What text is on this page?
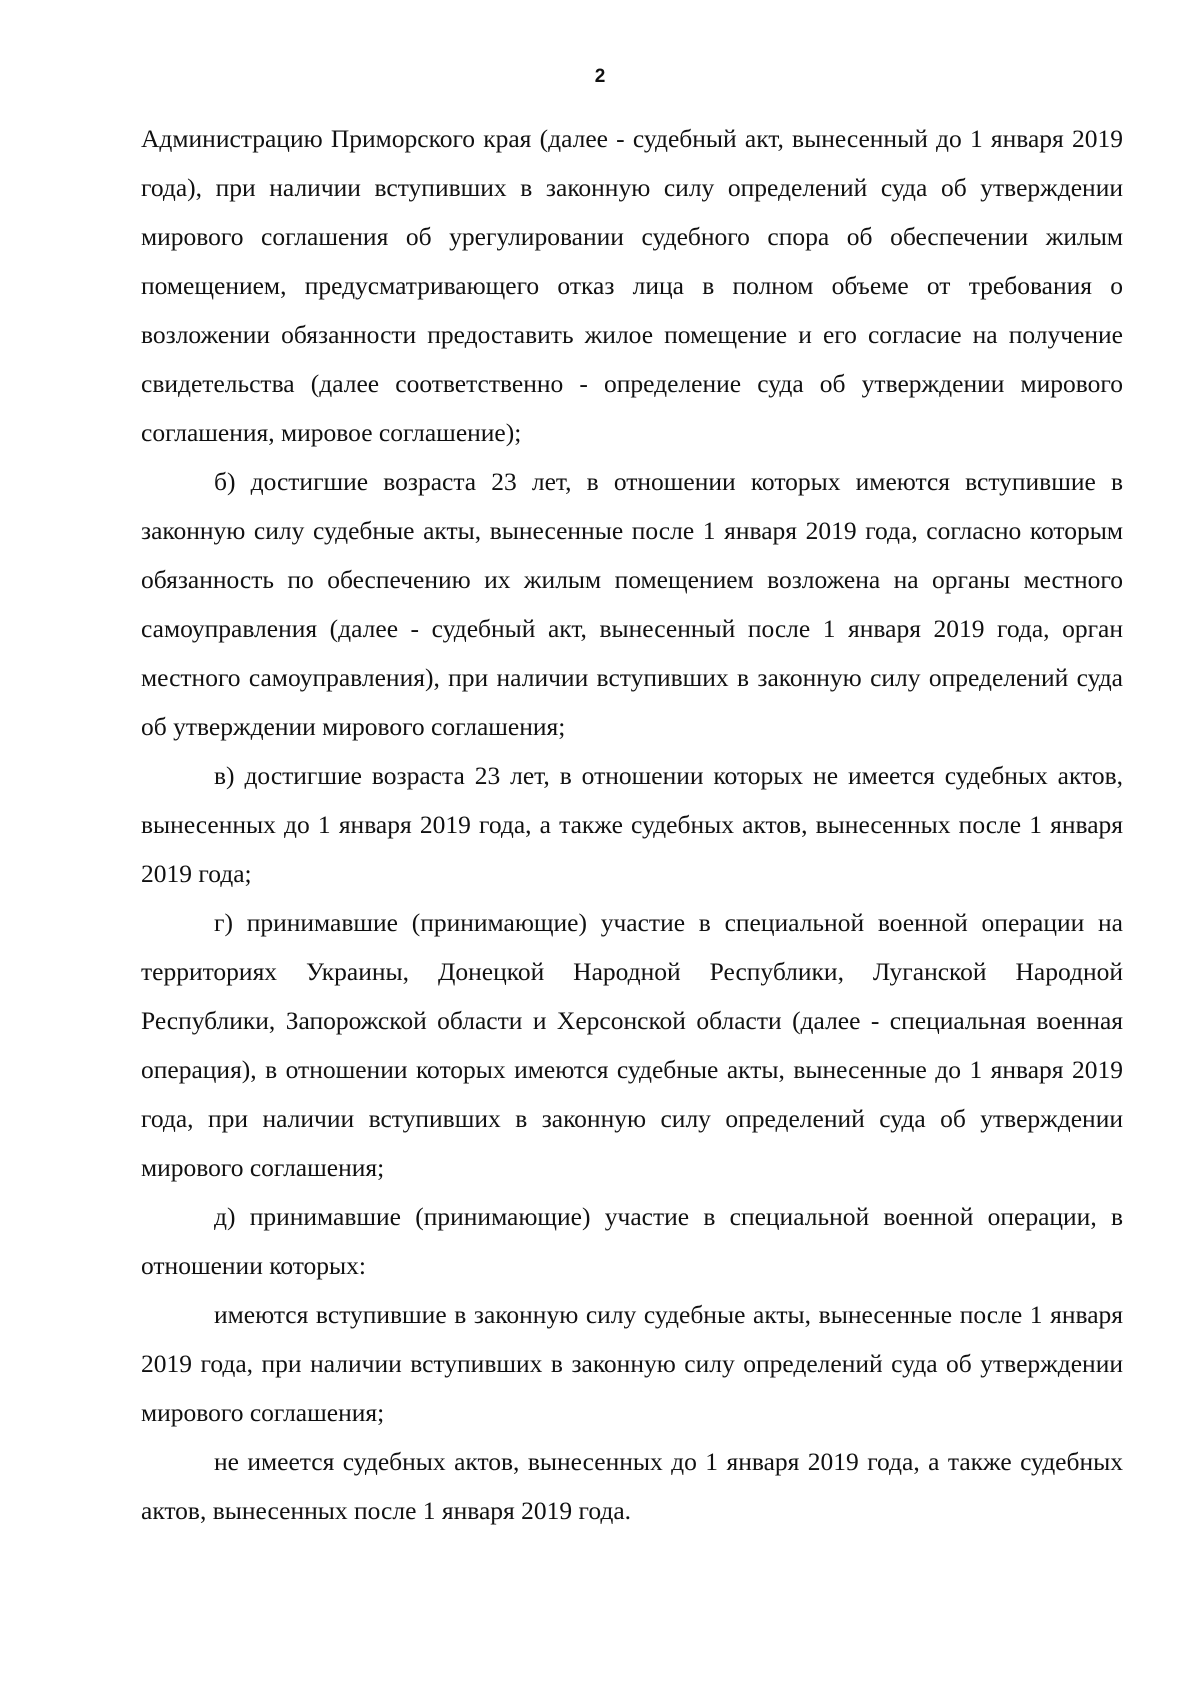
2

Администрацию Приморского края (далее - судебный акт, вынесенный до 1 января 2019 года), при наличии вступивших в законную силу определений суда об утверждении мирового соглашения об урегулировании судебного спора об обеспечении жилым помещением, предусматривающего отказ лица в полном объеме от требования о возложении обязанности предоставить жилое помещение и его согласие на получение свидетельства (далее соответственно - определение суда об утверждении мирового соглашения, мировое соглашение);

б) достигшие возраста 23 лет, в отношении которых имеются вступившие в законную силу судебные акты, вынесенные после 1 января 2019 года, согласно которым обязанность по обеспечению их жилым помещением возложена на органы местного самоуправления (далее - судебный акт, вынесенный после 1 января 2019 года, орган местного самоуправления), при наличии вступивших в законную силу определений суда об утверждении мирового соглашения;

в) достигшие возраста 23 лет, в отношении которых не имеется судебных актов, вынесенных до 1 января 2019 года, а также судебных актов, вынесенных после 1 января 2019 года;

г) принимавшие (принимающие) участие в специальной военной операции на территориях Украины, Донецкой Народной Республики, Луганской Народной Республики, Запорожской области и Херсонской области (далее - специальная военная операция), в отношении которых имеются судебные акты, вынесенные до 1 января 2019 года, при наличии вступивших в законную силу определений суда об утверждении мирового соглашения;

д) принимавшие (принимающие) участие в специальной военной операции, в отношении которых:

имеются вступившие в законную силу судебные акты, вынесенные после 1 января 2019 года, при наличии вступивших в законную силу определений суда об утверждении мирового соглашения;

не имеется судебных актов, вынесенных до 1 января 2019 года, а также судебных актов, вынесенных после 1 января 2019 года.
